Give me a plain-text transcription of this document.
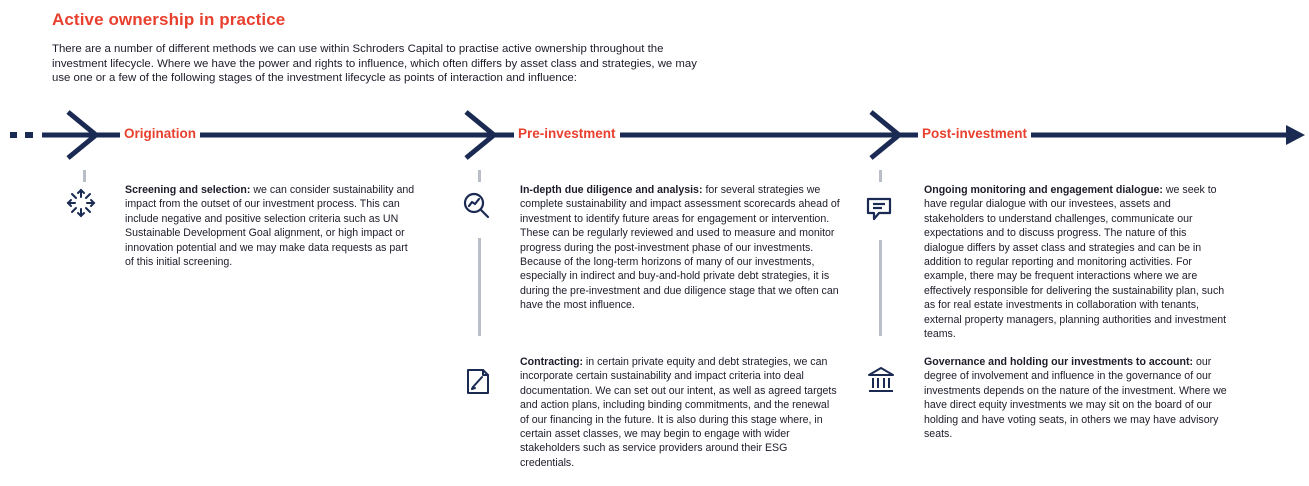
Active ownership in practice
There are a number of different methods we can use within Schroders Capital to practise active ownership throughout the investment lifecycle. Where we have the power and rights to influence, which often differs by asset class and strategies, we may use one or a few of the following stages of the investment lifecycle as points of interaction and influence:
Origination	Pre-investment	Post-investment
Screening and selection: we can consider sustainability and impact from the outset of our investment process. This can include negative and positive selection criteria such as UN Sustainable Development Goal alignment, or high impact or innovation potential and we may make data requests as part of this initial screening.
In-depth due diligence and analysis: for several strategies we complete sustainability and impact assessment scorecards ahead of investment to identify future areas for engagement or intervention. These can be regularly reviewed and used to measure and monitor progress during the post-investment phase of our investments. Because of the long-term horizons of many of our investments, especially in indirect and buy-and-hold private debt strategies, it is during the pre-investment and due diligence stage that we often can have the most influence.
Contracting: in certain private equity and debt strategies, we can incorporate certain sustainability and impact criteria into deal documentation. We can set out our intent, as well as agreed targets and action plans, including binding commitments, and the renewal of our financing in the future. It is also during this stage where, in certain asset classes, we may begin to engage with wider stakeholders such as service providers around their ESG credentials.
Ongoing monitoring and engagement dialogue: we seek to have regular dialogue with our investees, assets and stakeholders to understand challenges, communicate our expectations and to discuss progress. The nature of this dialogue differs by asset class and strategies and can be in addition to regular reporting and monitoring activities. For example, there may be frequent interactions where we are effectively responsible for delivering the sustainability plan, such as for real estate investments in collaboration with tenants, external property managers, planning authorities and investment teams.
Governance and holding our investments to account: our degree of involvement and influence in the governance of our investments depends on the nature of the investment. Where we have direct equity investments we may sit on the board of our holding and have voting seats, in others we may have advisory seats.
